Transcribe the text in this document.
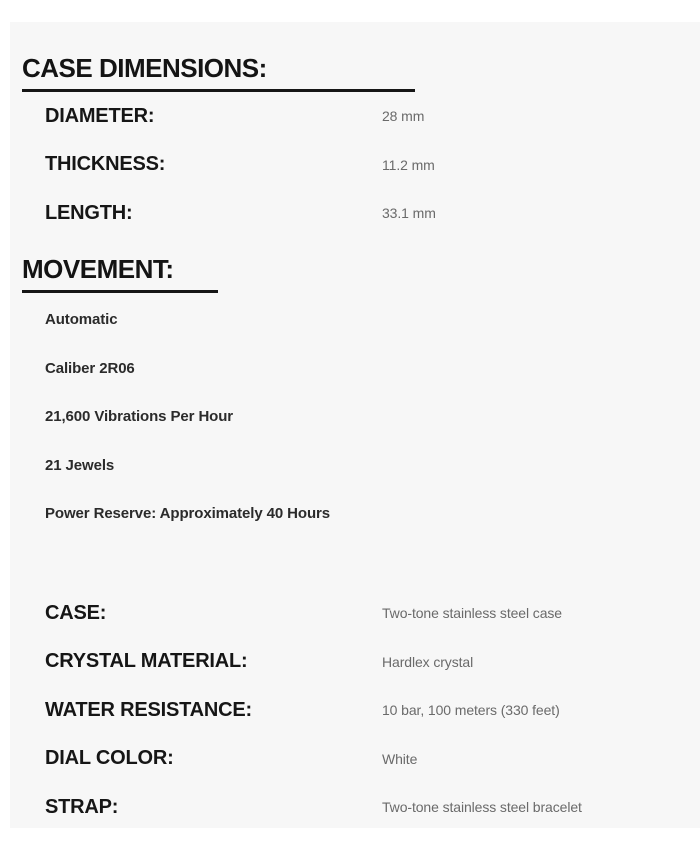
CASE DIMENSIONS:
DIAMETER:	28 mm
THICKNESS:	11.2 mm
LENGTH:	33.1 mm
MOVEMENT:
Automatic
Caliber 2R06
21,600 Vibrations Per Hour
21 Jewels
Power Reserve: Approximately 40 Hours
CASE:	Two-tone stainless steel case
CRYSTAL MATERIAL:	Hardlex crystal
WATER RESISTANCE:	10 bar, 100 meters (330 feet)
DIAL COLOR:	White
STRAP:	Two-tone stainless steel bracelet
